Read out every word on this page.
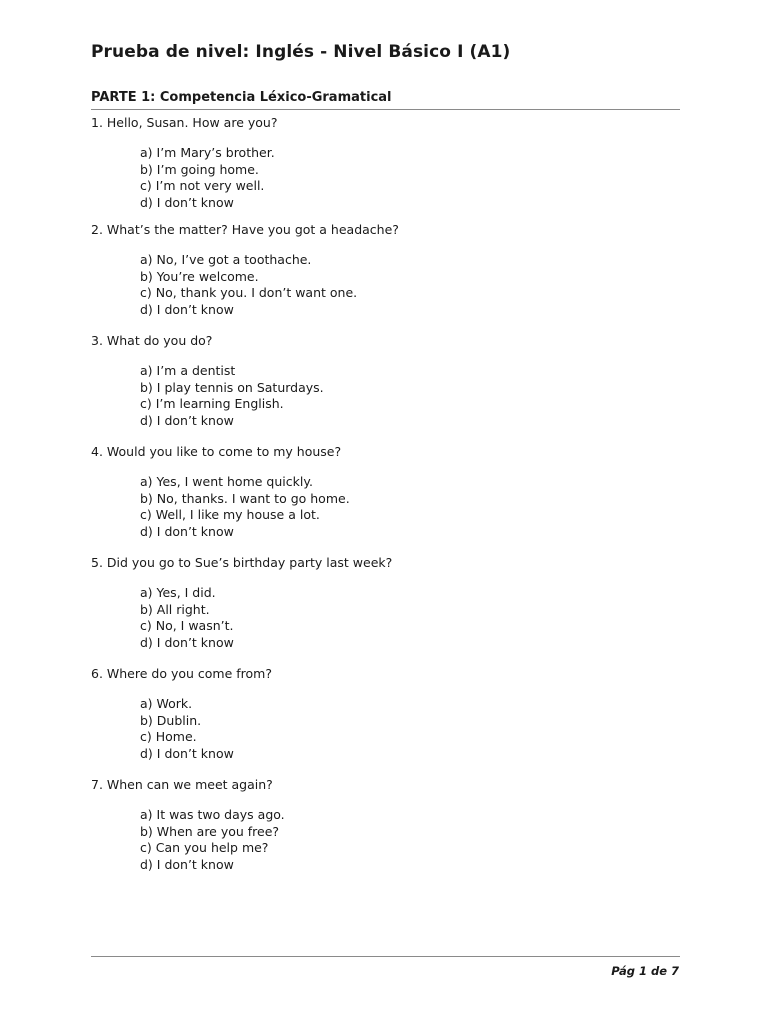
Prueba de nivel: Inglés - Nivel Básico I (A1)
PARTE 1: Competencia Léxico-Gramatical
1. Hello, Susan. How are you?
a) I’m Mary’s brother.
b) I’m going home.
c) I’m not very well.
d) I don’t know
2. What’s the matter? Have you got a headache?
a) No, I’ve got a toothache.
b) You’re welcome.
c) No, thank you. I don’t want one.
d) I don’t know
3. What do you do?
a) I’m a dentist
b) I play tennis on Saturdays.
c) I’m learning English.
d) I don’t know
4. Would you like to come to my house?
a) Yes, I went home quickly.
b) No, thanks. I want to go home.
c) Well, I like my house a lot.
d) I don’t know
5. Did you go to Sue’s birthday party last week?
a) Yes, I did.
b) All right.
c) No, I wasn’t.
d) I don’t know
6. Where do you come from?
a) Work.
b) Dublin.
c) Home.
d) I don’t know
7. When can we meet again?
a) It was two days ago.
b) When are you free?
c) Can you help me?
d) I don’t know
Pág 1 de 7
